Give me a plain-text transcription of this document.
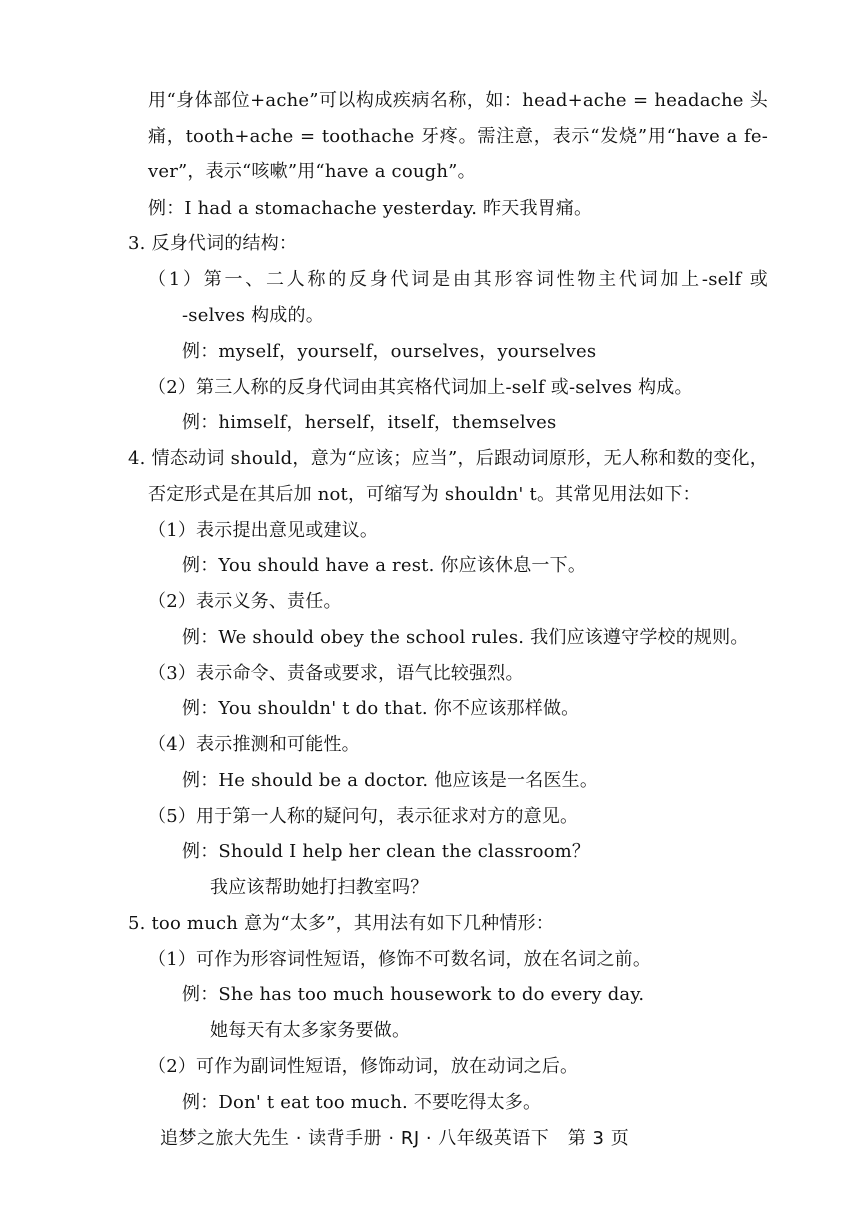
用“身体部位+ache”可以构成疾病名称，如：head+ache = headache 头
痛，tooth+ache = toothache 牙疼。需注意，表示“发烧”用“have a fe-
ver”，表示“咳嗽”用“have a cough”。
例：I had a stomachache yesterday. 昨天我胃痛。
3. 反身代词的结构：
（1）第一、二人称的反身代词是由其形容词性物主代词加上-self 或
-selves 构成的。
例：myself，yourself，ourselves，yourselves
（2）第三人称的反身代词由其宾格代词加上-self 或-selves 构成。
例：himself，herself，itself，themselves
4. 情态动词 should，意为“应该；应当”，后跟动词原形，无人称和数的变化，
否定形式是在其后加 not，可缩写为 shouldn' t。其常见用法如下：
（1）表示提出意见或建议。
例：You should have a rest. 你应该休息一下。
（2）表示义务、责任。
例：We should obey the school rules. 我们应该遵守学校的规则。
（3）表示命令、责备或要求，语气比较强烈。
例：You shouldn' t do that. 你不应该那样做。
（4）表示推测和可能性。
例：He should be a doctor. 他应该是一名医生。
（5）用于第一人称的疑问句，表示征求对方的意见。
例：Should I help her clean the classroom？
我应该帮助她打扫教室吗？
5. too much 意为“太多”，其用法有如下几种情形：
（1）可作为形容词性短语，修饰不可数名词，放在名词之前。
例：She has too much housework to do every day.
她每天有太多家务要做。
（2）可作为副词性短语，修饰动词，放在动词之后。
例：Don' t eat too much. 不要吃得太多。
追梦之旅大先生 · 读背手册 · RJ · 八年级英语下　第 3 页
